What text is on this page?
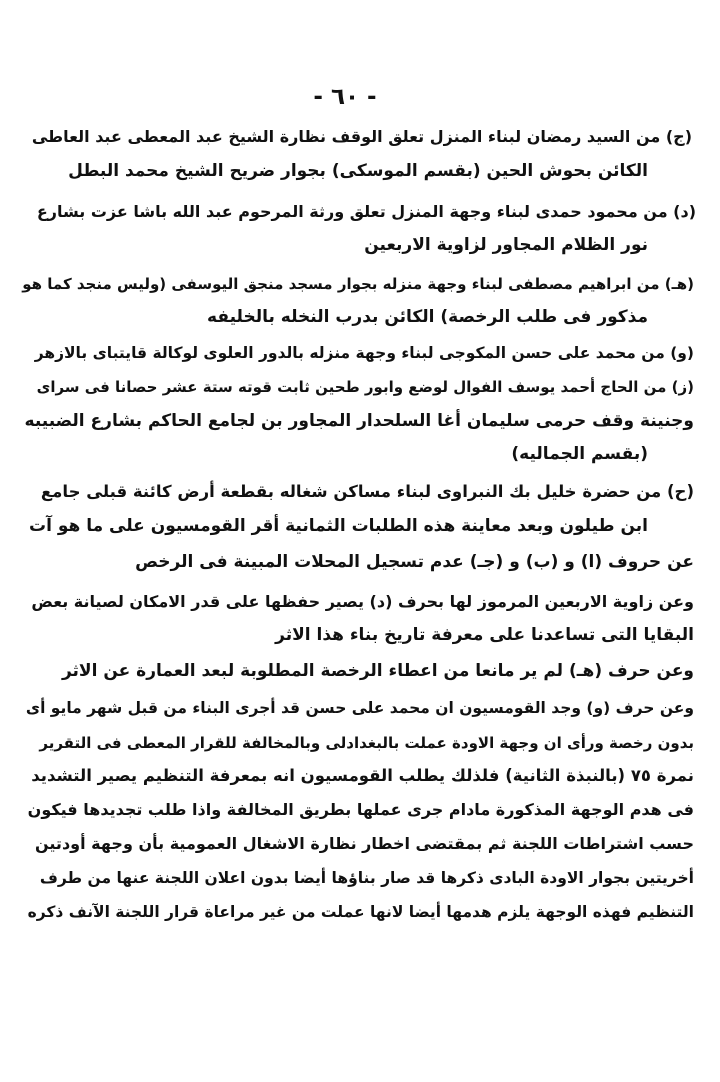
- ٦٠ -
(ج) من السيد رمضان لبناء المنزل تعلق الوقف نظارة الشيخ عبد المعطى عبد العاطى
الكائن بحوش الحين (بقسم الموسكى) بجوار ضريح الشيخ محمد البطل
(د) من محمود حمدى لبناء وجهة المنزل تعلق ورثة المرحوم عبد الله باشا عزت بشارع
نور الظلام المجاور لزاوية الاربعين
(هـ) من ابراهيم مصطفى لبناء وجهة منزله بجوار مسجد منجق اليوسفى (وليس منجد كما هو
مذكور فى طلب الرخصة) الكائن بدرب النخله بالخليفه
(و) من محمد على حسن المكوجى لبناء وجهة منزله بالدور العلوى لوكالة قايتباى بالازهر
(ز) من الحاج أحمد يوسف الفوال لوضع وابور طحين ثابت قوته ستة عشر حصانا فى سراى
وجنينة وقف حرمى سليمان أغا السلحدار المجاور بن لجامع الحاكم بشارع الضبيبه
(بقسم الجماليه)
(ح) من حضرة خليل بك النبراوى لبناء مساكن شغاله بقطعة أرض كائنة قبلى جامع
ابن طيلون وبعد معاينة هذه الطلبات الثمانية أقر القومسيون على ما هو آت
عن حروف (ا) و (ب) و (جـ) عدم تسجيل المحلات المبينة فى الرخص
وعن زاوية الاربعين المرموز لها بحرف (د) يصير حفظها على قدر الامكان لصيانة بعض
البقايا التى تساعدنا على معرفة تاريخ بناء هذا الاثر
وعن حرف (هـ) لم ير مانعا من اعطاء الرخصة المطلوبة لبعد العمارة عن الاثر
وعن حرف (و) وجد القومسيون ان محمد على حسن قد أجرى البناء من قبل شهر مايو أى
بدون رخصة ورأى ان وجهة الاودة عملت بالبغدادلى وبالمخالفة للقرار المعطى فى التقرير
نمرة ٧٥ (بالنبذة الثانية) فلذلك يطلب القومسيون انه بمعرفة التنظيم يصير التشديد
فى هدم الوجهة المذكورة مادام جرى عملها بطريق المخالفة واذا طلب تجديدها فيكون
حسب اشتراطات اللجنة ثم بمقتضى اخطار نظارة الاشغال العمومية بأن وجهة أودتين
أخريتين بجوار الاودة البادى ذكرها قد صار بناؤها أيضا بدون اعلان اللجنة عنها من طرف
التنظيم فهذه الوجهة يلزم هدمها أيضا لانها عملت من غير مراعاة قرار اللجنة الآنف ذكره
